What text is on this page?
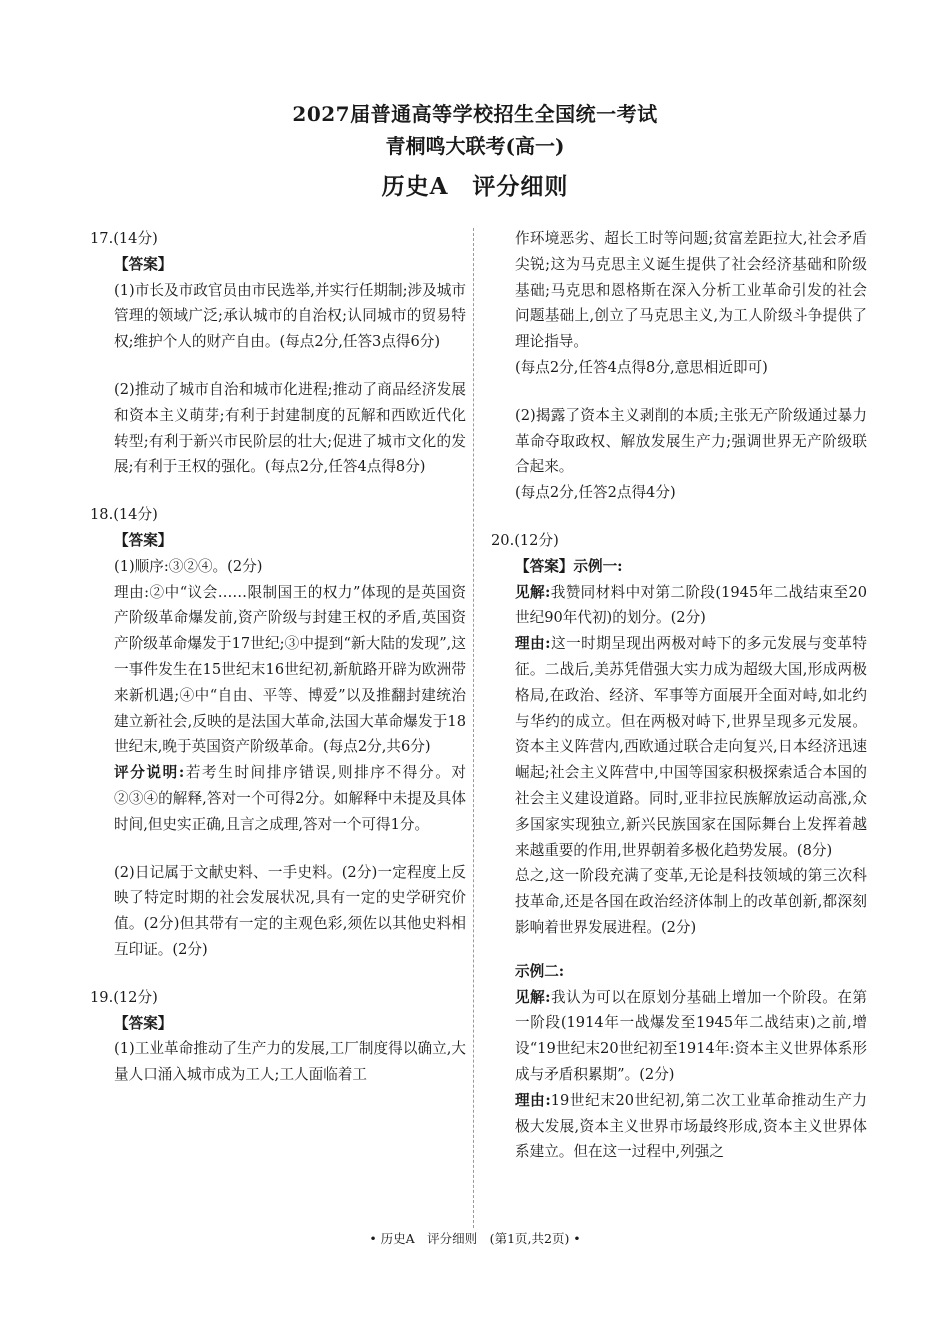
2027届普通高等学校招生全国统一考试
青桐鸣大联考(高一)
历史A　评分细则

17.(14分)

【答案】

(1)市长及市政官员由市民选举,并实行任期制;涉及城市管理的领域广泛;承认城市的自治权;认同城市的贸易特权;维护个人的财产自由。(每点2分,任答3点得6分)

(2)推动了城市自治和城市化进程;推动了商品经济发展和资本主义萌芽;有利于封建制度的瓦解和西欧近代化转型;有利于新兴市民阶层的壮大;促进了城市文化的发展;有利于王权的强化。(每点2分,任答4点得8分)

18.(14分)

【答案】

(1)顺序:③②④。(2分)

理由:②中“议会……限制国王的权力”体现的是英国资产阶级革命爆发前,资产阶级与封建王权的矛盾,英国资产阶级革命爆发于17世纪;③中提到“新大陆的发现”,这一事件发生在15世纪末16世纪初,新航路开辟为欧洲带来新机遇;④中“自由、平等、博爱”以及推翻封建统治建立新社会,反映的是法国大革命,法国大革命爆发于18世纪末,晚于英国资产阶级革命。(每点2分,共6分)

评分说明:若考生时间排序错误,则排序不得分。对②③④的解释,答对一个可得2分。如解释中未提及具体时间,但史实正确,且言之成理,答对一个可得1分。

(2)日记属于文献史料、一手史料。(2分)一定程度上反映了特定时期的社会发展状况,具有一定的史学研究价值。(2分)但其带有一定的主观色彩,须佐以其他史料相互印证。(2分)

19.(12分)

【答案】

(1)工业革命推动了生产力的发展,工厂制度得以确立,大量人口涌入城市成为工人;工人面临着工

作环境恶劣、超长工时等问题;贫富差距拉大,社会矛盾尖锐;这为马克思主义诞生提供了社会经济基础和阶级基础;马克思和恩格斯在深入分析工业革命引发的社会问题基础上,创立了马克思主义,为工人阶级斗争提供了理论指导。

(每点2分,任答4点得8分,意思相近即可)

(2)揭露了资本主义剥削的本质;主张无产阶级通过暴力革命夺取政权、解放发展生产力;强调世界无产阶级联合起来。

(每点2分,任答2点得4分)

20.(12分)

【答案】示例一:

见解:我赞同材料中对第二阶段(1945年二战结束至20世纪90年代初)的划分。(2分)

理由:这一时期呈现出两极对峙下的多元发展与变革特征。二战后,美苏凭借强大实力成为超级大国,形成两极格局,在政治、经济、军事等方面展开全面对峙,如北约与华约的成立。但在两极对峙下,世界呈现多元发展。资本主义阵营内,西欧通过联合走向复兴,日本经济迅速崛起;社会主义阵营中,中国等国家积极探索适合本国的社会主义建设道路。同时,亚非拉民族解放运动高涨,众多国家实现独立,新兴民族国家在国际舞台上发挥着越来越重要的作用,世界朝着多极化趋势发展。(8分)

总之,这一阶段充满了变革,无论是科技领域的第三次科技革命,还是各国在政治经济体制上的改革创新,都深刻影响着世界发展进程。(2分)

示例二:

见解:我认为可以在原划分基础上增加一个阶段。在第一阶段(1914年一战爆发至1945年二战结束)之前,增设“19世纪末20世纪初至1914年:资本主义世界体系形成与矛盾积累期”。(2分)

理由:19世纪末20世纪初,第二次工业革命推动生产力极大发展,资本主义世界市场最终形成,资本主义世界体系建立。但在这一过程中,列强之

• 历史A　评分细则　(第1页,共2页) •
